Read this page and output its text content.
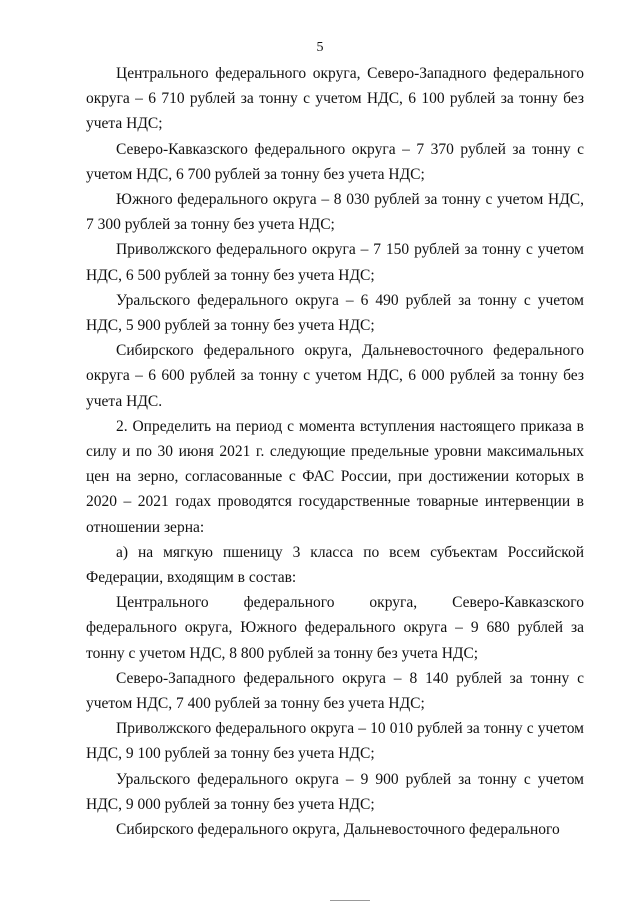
5

Центрального федерального округа, Северо-Западного федерального округа – 6 710 рублей за тонну с учетом НДС, 6 100 рублей за тонну без учета НДС;

Северо-Кавказского федерального округа – 7 370 рублей за тонну с учетом НДС, 6 700 рублей за тонну без учета НДС;

Южного федерального округа – 8 030 рублей за тонну с учетом НДС, 7 300 рублей за тонну без учета НДС;

Приволжского федерального округа – 7 150 рублей за тонну с учетом НДС, 6 500 рублей за тонну без учета НДС;

Уральского федерального округа – 6 490 рублей за тонну с учетом НДС, 5 900 рублей за тонну без учета НДС;

Сибирского федерального округа, Дальневосточного федерального округа – 6 600 рублей за тонну с учетом НДС, 6 000 рублей за тонну без учета НДС.

2. Определить на период с момента вступления настоящего приказа в силу и по 30 июня 2021 г. следующие предельные уровни максимальных цен на зерно, согласованные с ФАС России, при достижении которых в 2020 – 2021 годах проводятся государственные товарные интервенции в отношении зерна:

а) на мягкую пшеницу 3 класса по всем субъектам Российской Федерации, входящим в состав:

Центрального федерального округа, Северо-Кавказского федерального округа, Южного федерального округа – 9 680 рублей за тонну с учетом НДС, 8 800 рублей за тонну без учета НДС;

Северо-Западного федерального округа – 8 140 рублей за тонну с учетом НДС, 7 400 рублей за тонну без учета НДС;

Приволжского федерального округа – 10 010 рублей за тонну с учетом НДС, 9 100 рублей за тонну без учета НДС;

Уральского федерального округа – 9 900 рублей за тонну с учетом НДС, 9 000 рублей за тонну без учета НДС;

Сибирского федерального округа, Дальневосточного федерального
